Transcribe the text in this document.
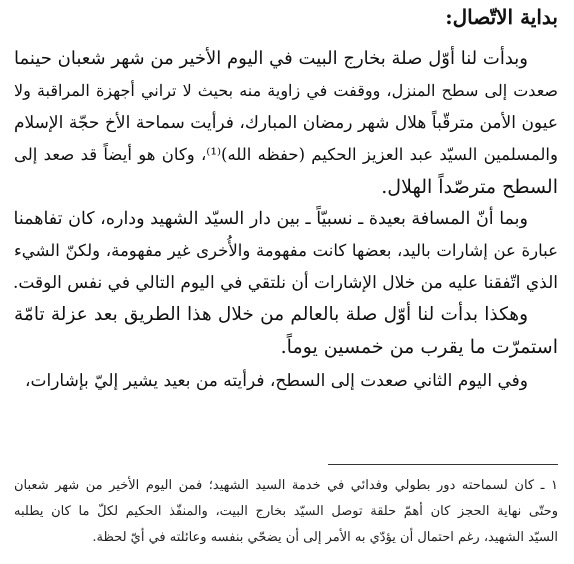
بداية الاتّصال:
وبدأت لنا أوّل صلة بخارج البيت في اليوم الأخير من شهر شعبان حينما
صعدت إلى سطح المنزل، ووقفت في زاوية منه بحيث لا تراني أجهزة المراقبة ولا
عيون الأمن مترقّباً هلال شهر رمضان المبارك، فرأيت سماحة الأخ حجّة الإسلام
والمسلمين السيّد عبد العزيز الحكيم (حفظه الله)⁽¹⁾، وكان هو أيضاً قد صعد إلى
السطح مترصّداً الهلال.
وبما أنّ المسافة بعيدة ـ نسبيّاً ـ بين دار السيّد الشهيد وداره، كان تفاهمنا
عبارة عن إشارات باليد، بعضها كانت مفهومة والأُخرى غير مفهومة، ولكنّ الشيء
الذي اتّفقنا عليه من خلال الإشارات أن نلتقي في اليوم التالي في نفس الوقت.
وهكذا بدأت لنا أوّل صلة بالعالم من خلال هذا الطريق بعد عزلة تامّة
استمرّت ما يقرب من خمسين يوماً.
وفي اليوم الثاني صعدت إلى السطح، فرأيته من بعيد يشير إليّ بإشارات،
١ ـ كان لسماحته دور بطولي وفدائي في خدمة السيد الشهيد؛ فمن اليوم الأخير من شهر شعبان
وحتّى نهاية الحجز كان أهمّ حلقة توصل السيّد بخارج البيت، والمنفّذ الحكيم لكلّ ما كان يطلبه
السيّد الشهيد، رغم احتمال أن يؤدّي به الأمر إلى أن يضحّي بنفسه وعائلته في أيّ لحظة.
